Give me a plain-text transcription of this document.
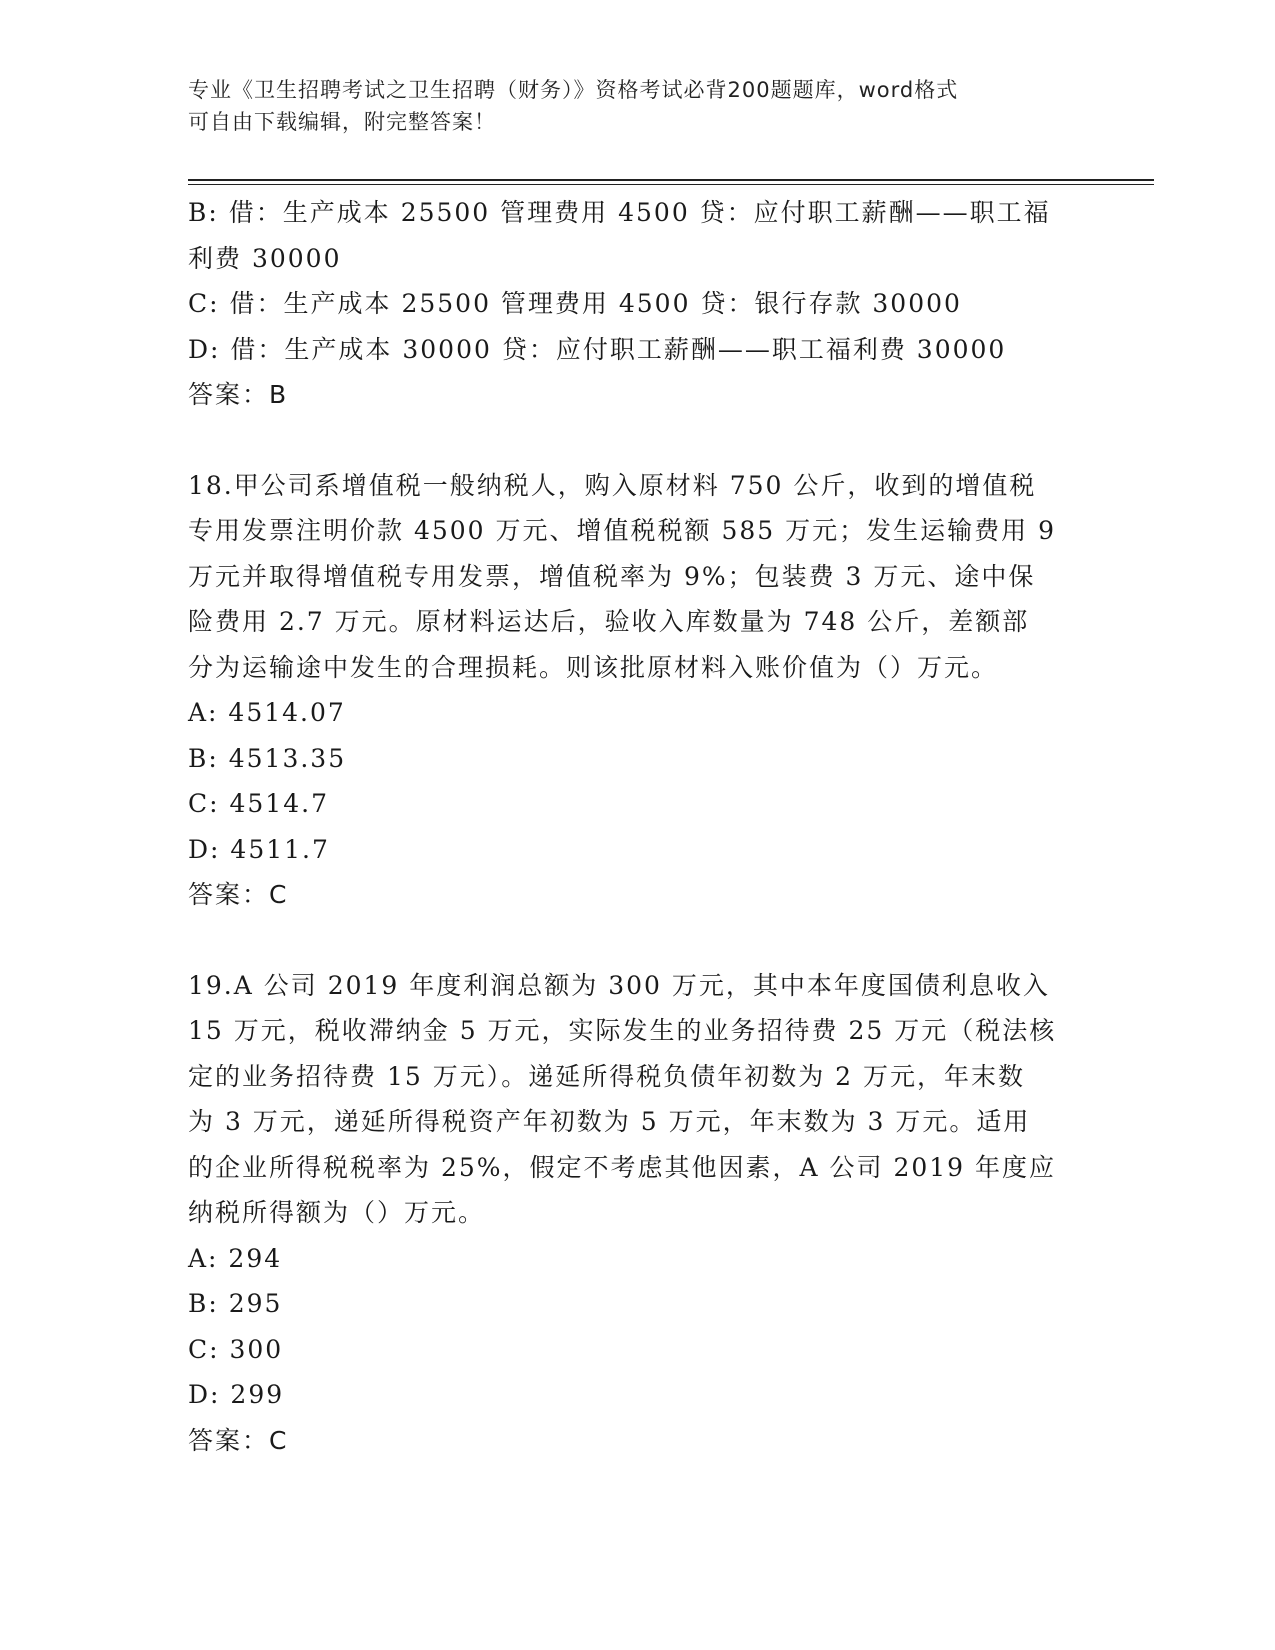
专业《卫生招聘考试之卫生招聘（财务）》资格考试必背200题题库，word格式
可自由下载编辑，附完整答案！
B: 借：生产成本 25500 管理费用 4500 贷：应付职工薪酬——职工福
利费 30000
C: 借：生产成本 25500 管理费用 4500 贷：银行存款 30000
D: 借：生产成本 30000 贷：应付职工薪酬——职工福利费 30000
答案：B
18.甲公司系增值税一般纳税人，购入原材料 750 公斤，收到的增值税
专用发票注明价款 4500 万元、增值税税额 585 万元；发生运输费用 9
万元并取得增值税专用发票，增值税率为 9%；包装费 3 万元、途中保
险费用 2.7 万元。原材料运达后，验收入库数量为 748 公斤，差额部
分为运输途中发生的合理损耗。则该批原材料入账价值为（）万元。
A: 4514.07
B: 4513.35
C: 4514.7
D: 4511.7
答案：C
19.A 公司 2019 年度利润总额为 300 万元，其中本年度国债利息收入
15 万元，税收滞纳金 5 万元，实际发生的业务招待费 25 万元（税法核
定的业务招待费 15 万元）。递延所得税负债年初数为 2 万元，年末数
为 3 万元，递延所得税资产年初数为 5 万元，年末数为 3 万元。适用
的企业所得税税率为 25%，假定不考虑其他因素，A 公司 2019 年度应
纳税所得额为（）万元。
A: 294
B: 295
C: 300
D: 299
答案：C
